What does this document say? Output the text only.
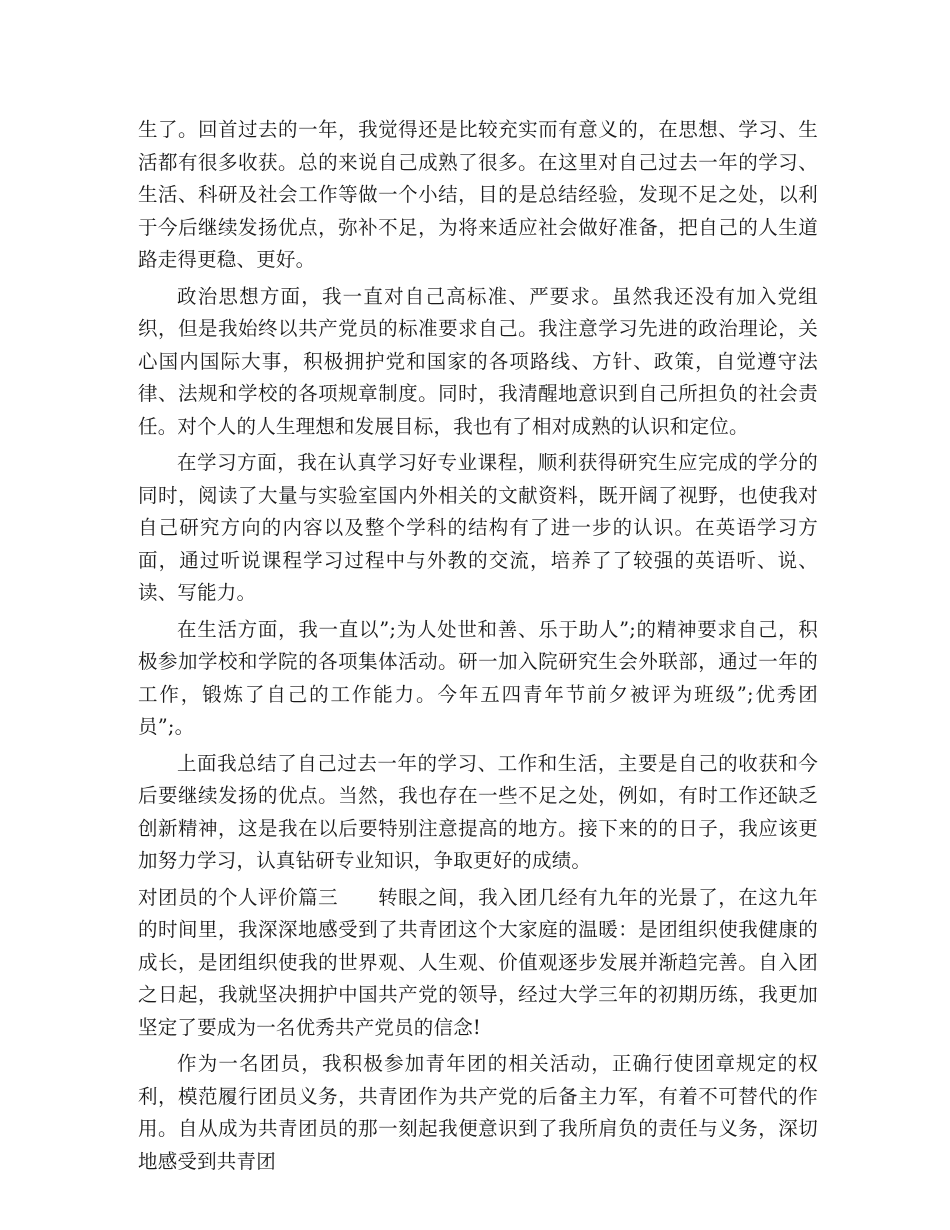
生了。回首过去的一年，我觉得还是比较充实而有意义的，在思想、学习、生活都有很多收获。总的来说自己成熟了很多。在这里对自己过去一年的学习、生活、科研及社会工作等做一个小结，目的是总结经验，发现不足之处，以利于今后继续发扬优点，弥补不足，为将来适应社会做好准备，把自己的人生道路走得更稳、更好。

政治思想方面，我一直对自己高标准、严要求。虽然我还没有加入党组织，但是我始终以共产党员的标准要求自己。我注意学习先进的政治理论，关心国内国际大事，积极拥护党和国家的各项路线、方针、政策，自觉遵守法律、法规和学校的各项规章制度。同时，我清醒地意识到自己所担负的社会责任。对个人的人生理想和发展目标，我也有了相对成熟的认识和定位。

在学习方面，我在认真学习好专业课程，顺利获得研究生应完成的学分的同时，阅读了大量与实验室国内外相关的文献资料，既开阔了视野，也使我对自己研究方向的内容以及整个学科的结构有了进一步的认识。在英语学习方面，通过听说课程学习过程中与外教的交流，培养了了较强的英语听、说、读、写能力。

在生活方面，我一直以”;为人处世和善、乐于助人”;的精神要求自己，积极参加学校和学院的各项集体活动。研一加入院研究生会外联部，通过一年的工作，锻炼了自己的工作能力。今年五四青年节前夕被评为班级”;优秀团员”;。

上面我总结了自己过去一年的学习、工作和生活，主要是自己的收获和今后要继续发扬的优点。当然，我也存在一些不足之处，例如，有时工作还缺乏创新精神，这是我在以后要特别注意提高的地方。接下来的的日子，我应该更加努力学习，认真钻研专业知识，争取更好的成绩。

对团员的个人评价篇三 转眼之间，我入团几经有九年的光景了，在这九年的时间里，我深深地感受到了共青团这个大家庭的温暖：是团组织使我健康的成长，是团组织使我的世界观、人生观、价值观逐步发展并渐趋完善。自入团之日起，我就坚决拥护中国共产党的领导，经过大学三年的初期历练，我更加坚定了要成为一名优秀共产党员的信念!

作为一名团员，我积极参加青年团的相关活动，正确行使团章规定的权利，模范履行团员义务，共青团作为共产党的后备主力军，有着不可替代的作用。自从成为共青团员的那一刻起我便意识到了我所肩负的责任与义务，深切地感受到共青团
